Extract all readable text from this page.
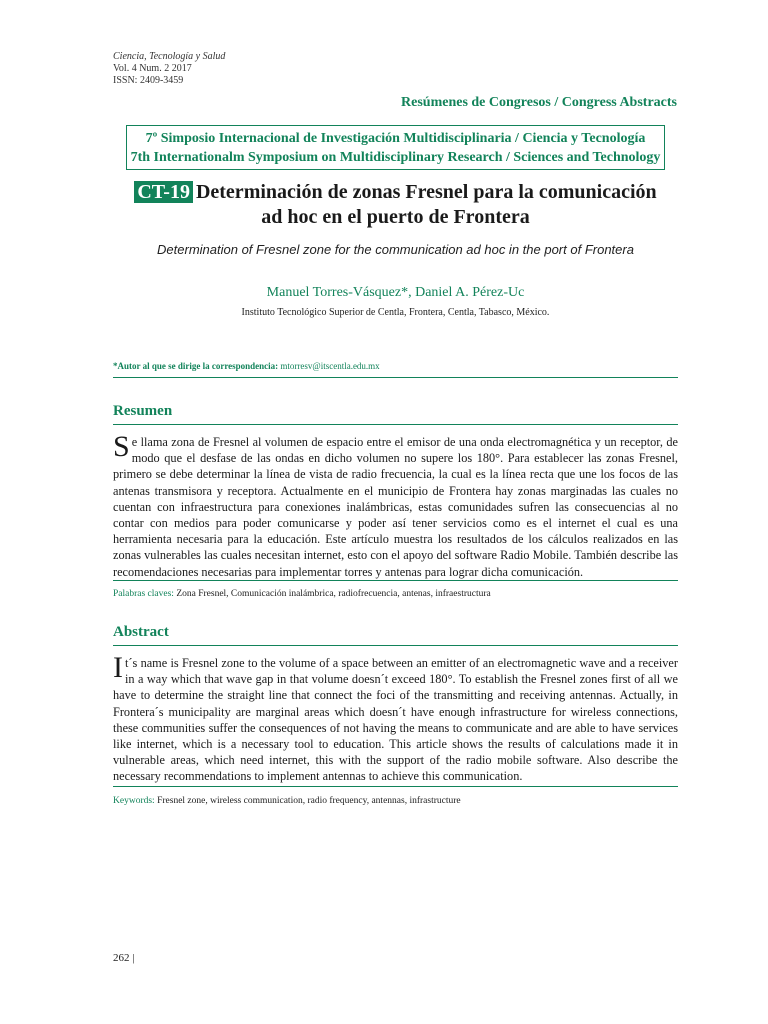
Ciencia, Tecnología y Salud
Vol. 4 Num. 2 2017
ISSN: 2409-3459
Resúmenes de Congresos / Congress Abstracts
7º Simposio Internacional de Investigación Multidisciplinaria / Ciencia y Tecnología
7th Internationalm Symposium on Multidisciplinary Research / Sciences and Technology
CT-19 Determinación de zonas Fresnel para la comunicación
ad hoc en el puerto de Frontera
Determination of Fresnel zone for the communication ad hoc in the port of Frontera
Manuel Torres-Vásquez*, Daniel A. Pérez-Uc
Instituto Tecnológico Superior de Centla, Frontera, Centla, Tabasco, México.
*Autor al que se dirige la correspondencia: mtorresv@itscentla.edu.mx
Resumen
Se llama zona de Fresnel al volumen de espacio entre el emisor de una onda electromagnética y un receptor, de modo que el desfase de las ondas en dicho volumen no supere los 180°. Para establecer las zonas Fresnel, primero se debe determinar la línea de vista de radio frecuencia, la cual es la línea recta que une los focos de las antenas transmisora y receptora. Actualmente en el municipio de Frontera hay zonas marginadas las cuales no cuentan con infraestructura para conexiones inalámbricas, estas comunidades sufren las consecuencias al no contar con medios para poder comunicarse y poder así tener servicios como es el internet el cual es una herramienta necesaria para la educación. Este artículo muestra los resultados de los cálculos realizados en las zonas vulnerables las cuales necesitan internet, esto con el apoyo del software Radio Mobile. También describe las recomendaciones necesarias para implementar torres y antenas para lograr dicha comunicación.
Palabras claves: Zona Fresnel, Comunicación inalámbrica, radiofrecuencia, antenas, infraestructura
Abstract
It´s name is Fresnel zone to the volume of a space between an emitter of an electromagnetic wave and a receiver in a way which that wave gap in that volume doesn´t exceed 180°. To establish the Fresnel zones first of all we have to determine the straight line that connect the foci of the transmitting and receiving antennas. Actually, in Frontera´s municipality are marginal areas which doesn´t have enough infrastructure for wireless connections, these communities suffer the consequences of not having the means to communicate and are able to have services like internet, which is a necessary tool to education. This article shows the results of calculations made it in vulnerable areas, which need internet, this with the support of the radio mobile software. Also describe the necessary recommendations to implement antennas to achieve this communication.
Keywords: Fresnel zone, wireless communication, radio frequency, antennas, infrastructure
262 |
